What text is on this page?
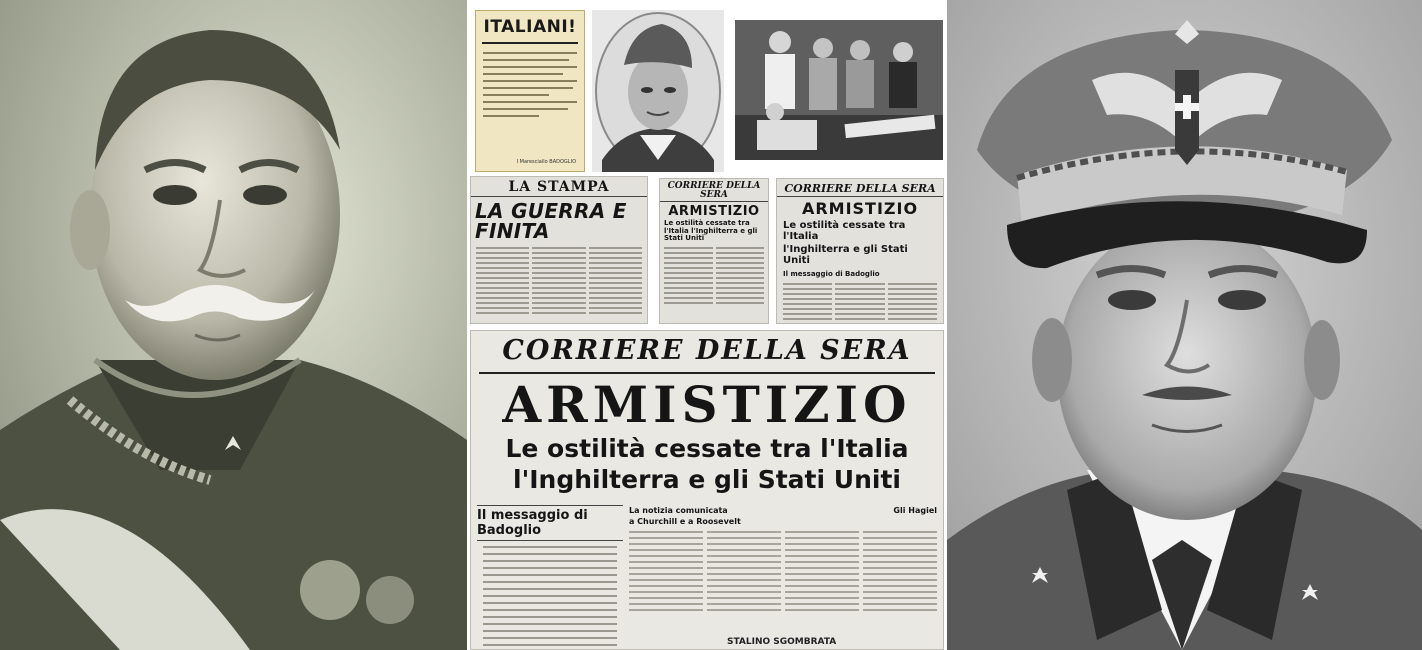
ITALIANI!
I Maresciallo BADOGLIO
LA STAMPA
LA GUERRA E FINITA
CORRIERE DELLA SERA
ARMISTIZIO
Le ostilità cessate tra l'Italia l'Inghilterra e gli Stati Uniti
CORRIERE DELLA SERA
ARMISTIZIO
Le ostilità cessate tra l'Italia
l'Inghilterra e gli Stati Uniti
Il messaggio di Badoglio
CORRIERE DELLA SERA
ARMISTIZIO
Le ostilità cessate tra l'Italia
l'Inghilterra e gli Stati Uniti
Il messaggio di Badoglio
La notizia comunicata	Gli Hagiel
a Churchill e a Roosevelt
STALINO SGOMBRATA
